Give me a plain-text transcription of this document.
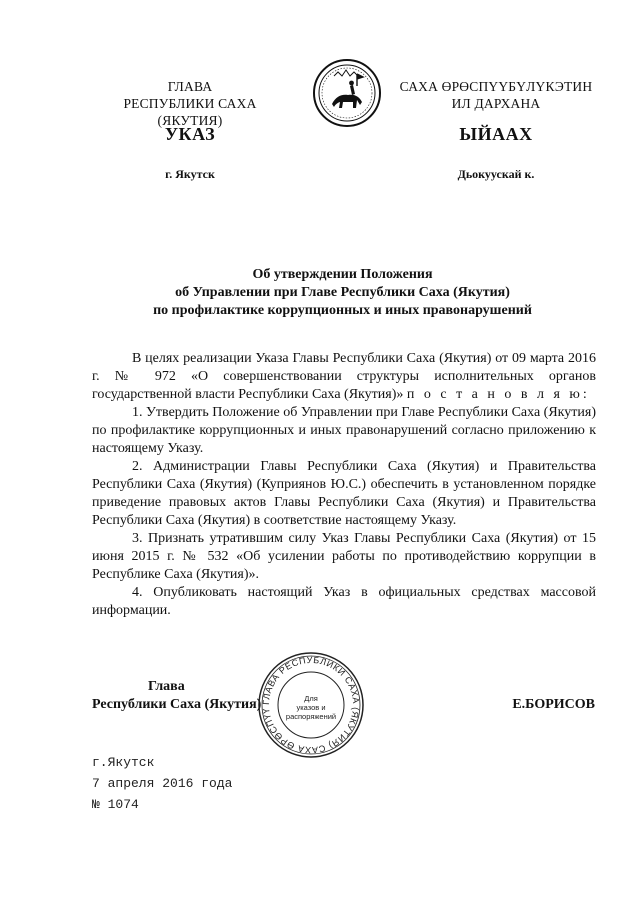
ГЛАВА
РЕСПУБЛИКИ САХА (ЯКУТИЯ)
САХА ӨРӨСПҮҮБҮЛҮКЭТИН
ИЛ ДАРХАНА
УКАЗ	ЫЙААХ
г. Якутск	Дьокуускай к.
Об утверждении Положения
об Управлении при Главе Республики Саха (Якутия)
по профилактике коррупционных и иных правонарушений

В целях реализации Указа Главы Республики Саха (Якутия) от 09 марта 2016 г. № 972 «О совершенствовании структуры исполнительных органов государственной власти Республики Саха (Якутия)» п о с т а н о в л я ю:

1. Утвердить Положение об Управлении при Главе Республики Саха (Якутия) по профилактике коррупционных и иных правонарушений согласно приложению к настоящему Указу.

2. Администрации Главы Республики Саха (Якутия) и Правительства Республики Саха (Якутия) (Куприянов Ю.С.) обеспечить в установленном порядке приведение правовых актов Главы Республики Саха (Якутия) и Правительства Республики Саха (Якутия) в соответствие настоящему Указу.

3. Признать утратившим силу Указ Главы Республики Саха (Якутия) от 15 июня 2015 г. № 532 «Об усилении работы по противодействию коррупции в Республике Саха (Якутия)».

4. Опубликовать настоящий Указ в официальных средствах массовой информации.

Глава
Республики Саха (Якутия) ГЛАВА РЕСПУБЛИКИ САХА (ЯКУТИЯ) САХА ӨРӨСПҮҮ
Для
указов и
распоряжений
Е.БОРИСОВ
г.Якутск
7 апреля 2016 года
№ 1074
